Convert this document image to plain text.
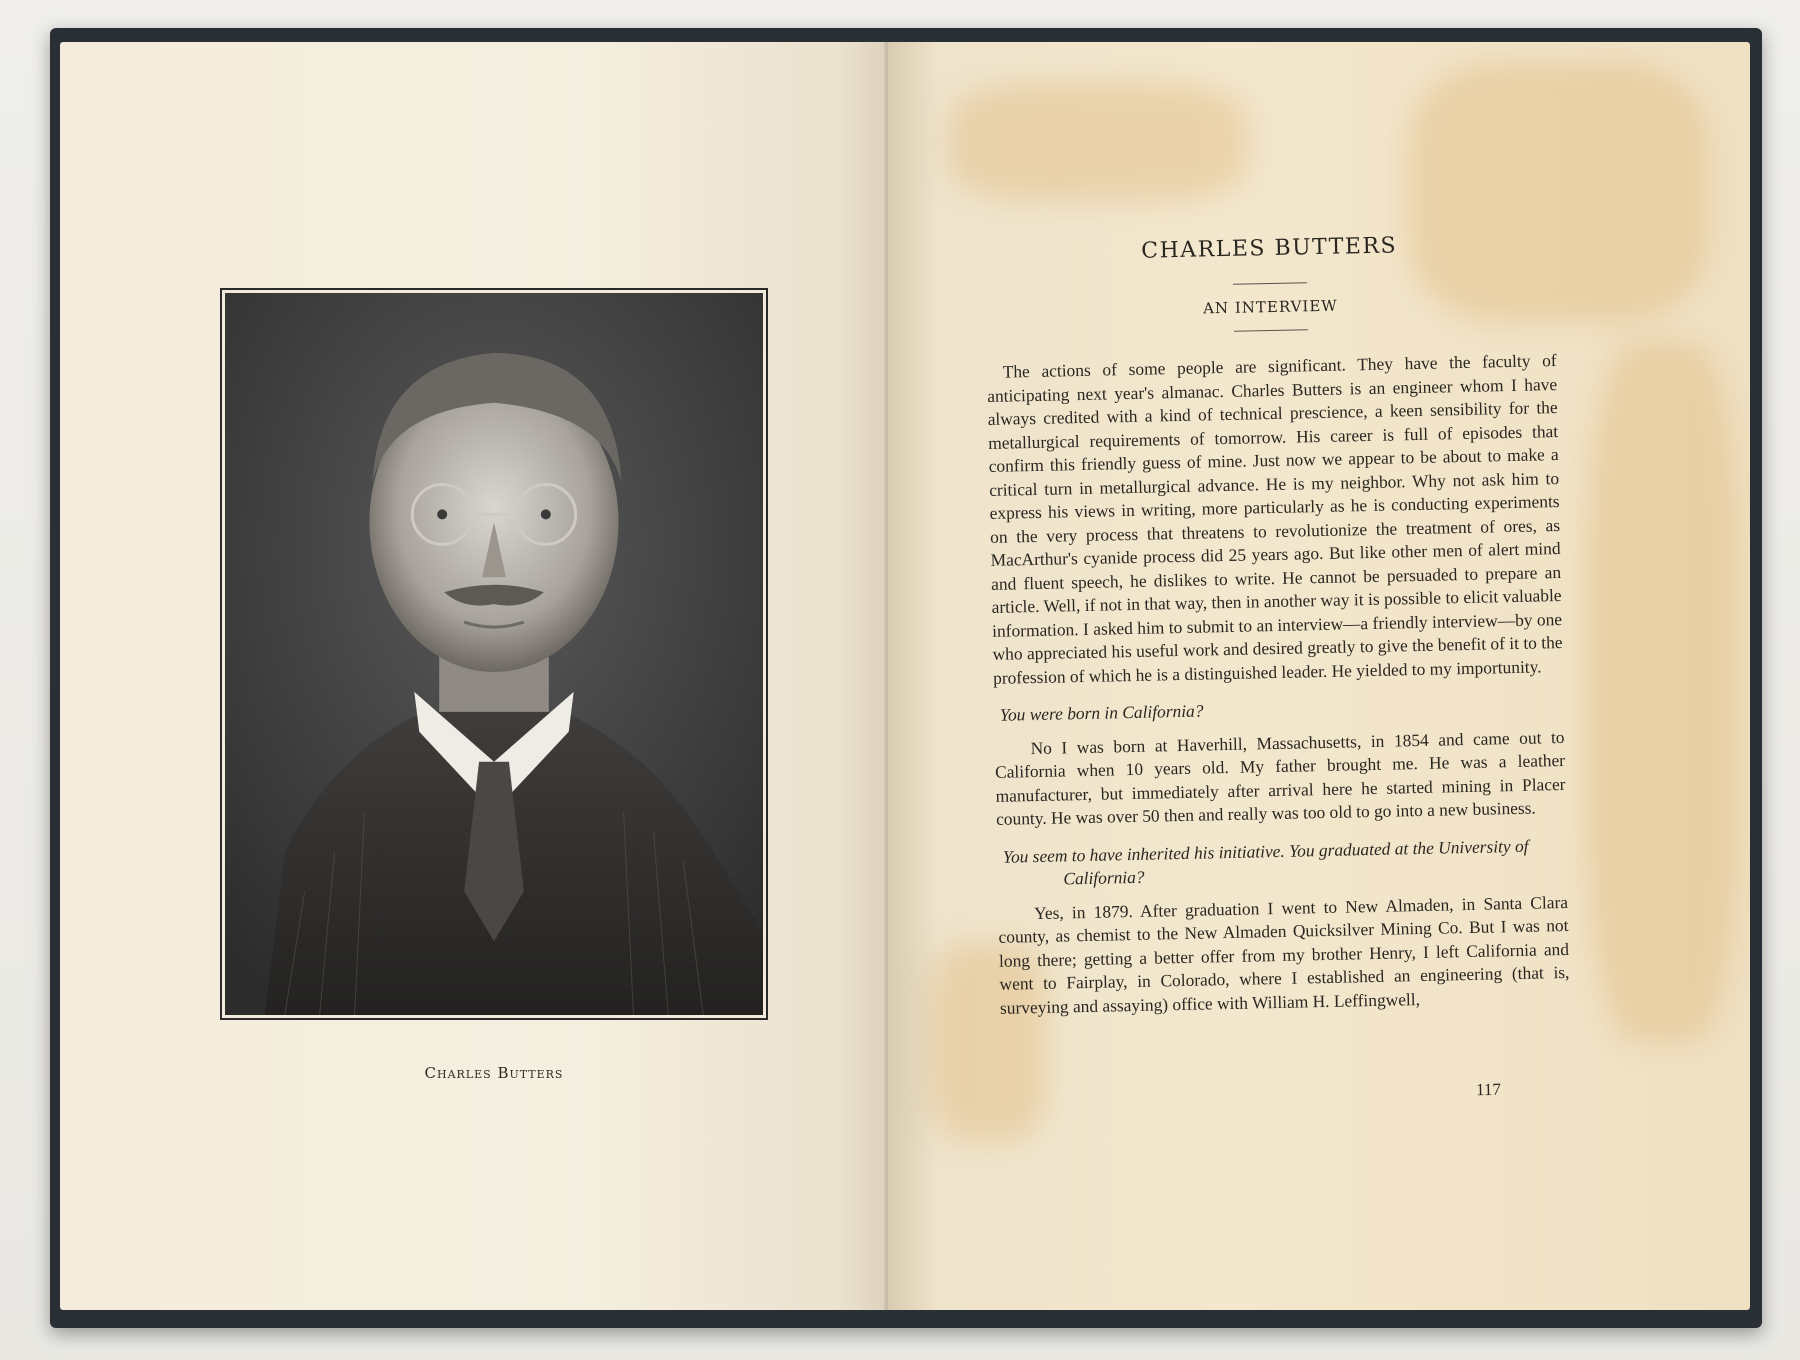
Charles Butters
CHARLES BUTTERS
AN INTERVIEW

The actions of some people are significant. They have the faculty of anticipating next year's almanac. Charles Butters is an engineer whom I have always credited with a kind of technical prescience, a keen sensibility for the metallurgical requirements of tomorrow. His career is full of episodes that confirm this friendly guess of mine. Just now we appear to be about to make a critical turn in metallurgical advance. He is my neighbor. Why not ask him to express his views in writing, more particularly as he is conducting experiments on the very process that threatens to revolutionize the treatment of ores, as MacArthur's cyanide process did 25 years ago. But like other men of alert mind and fluent speech, he dislikes to write. He cannot be persuaded to prepare an article. Well, if not in that way, then in another way it is possible to elicit valuable information. I asked him to submit to an interview—a friendly interview—by one who appreciated his useful work and desired greatly to give the benefit of it to the profession of which he is a distinguished leader. He yielded to my importunity.

You were born in California?

No I was born at Haverhill, Massachusetts, in 1854 and came out to California when 10 years old. My father brought me. He was a leather manufacturer, but immediately after arrival here he started mining in Placer county. He was over 50 then and really was too old to go into a new business.

You seem to have inherited his initiative. You graduated at the University of California?

Yes, in 1879. After graduation I went to New Almaden, in Santa Clara county, as chemist to the New Almaden Quicksilver Mining Co. But I was not long there; getting a better offer from my brother Henry, I left California and went to Fairplay, in Colorado, where I established an engineering (that is, surveying and assaying) office with William H. Leffingwell,

117
